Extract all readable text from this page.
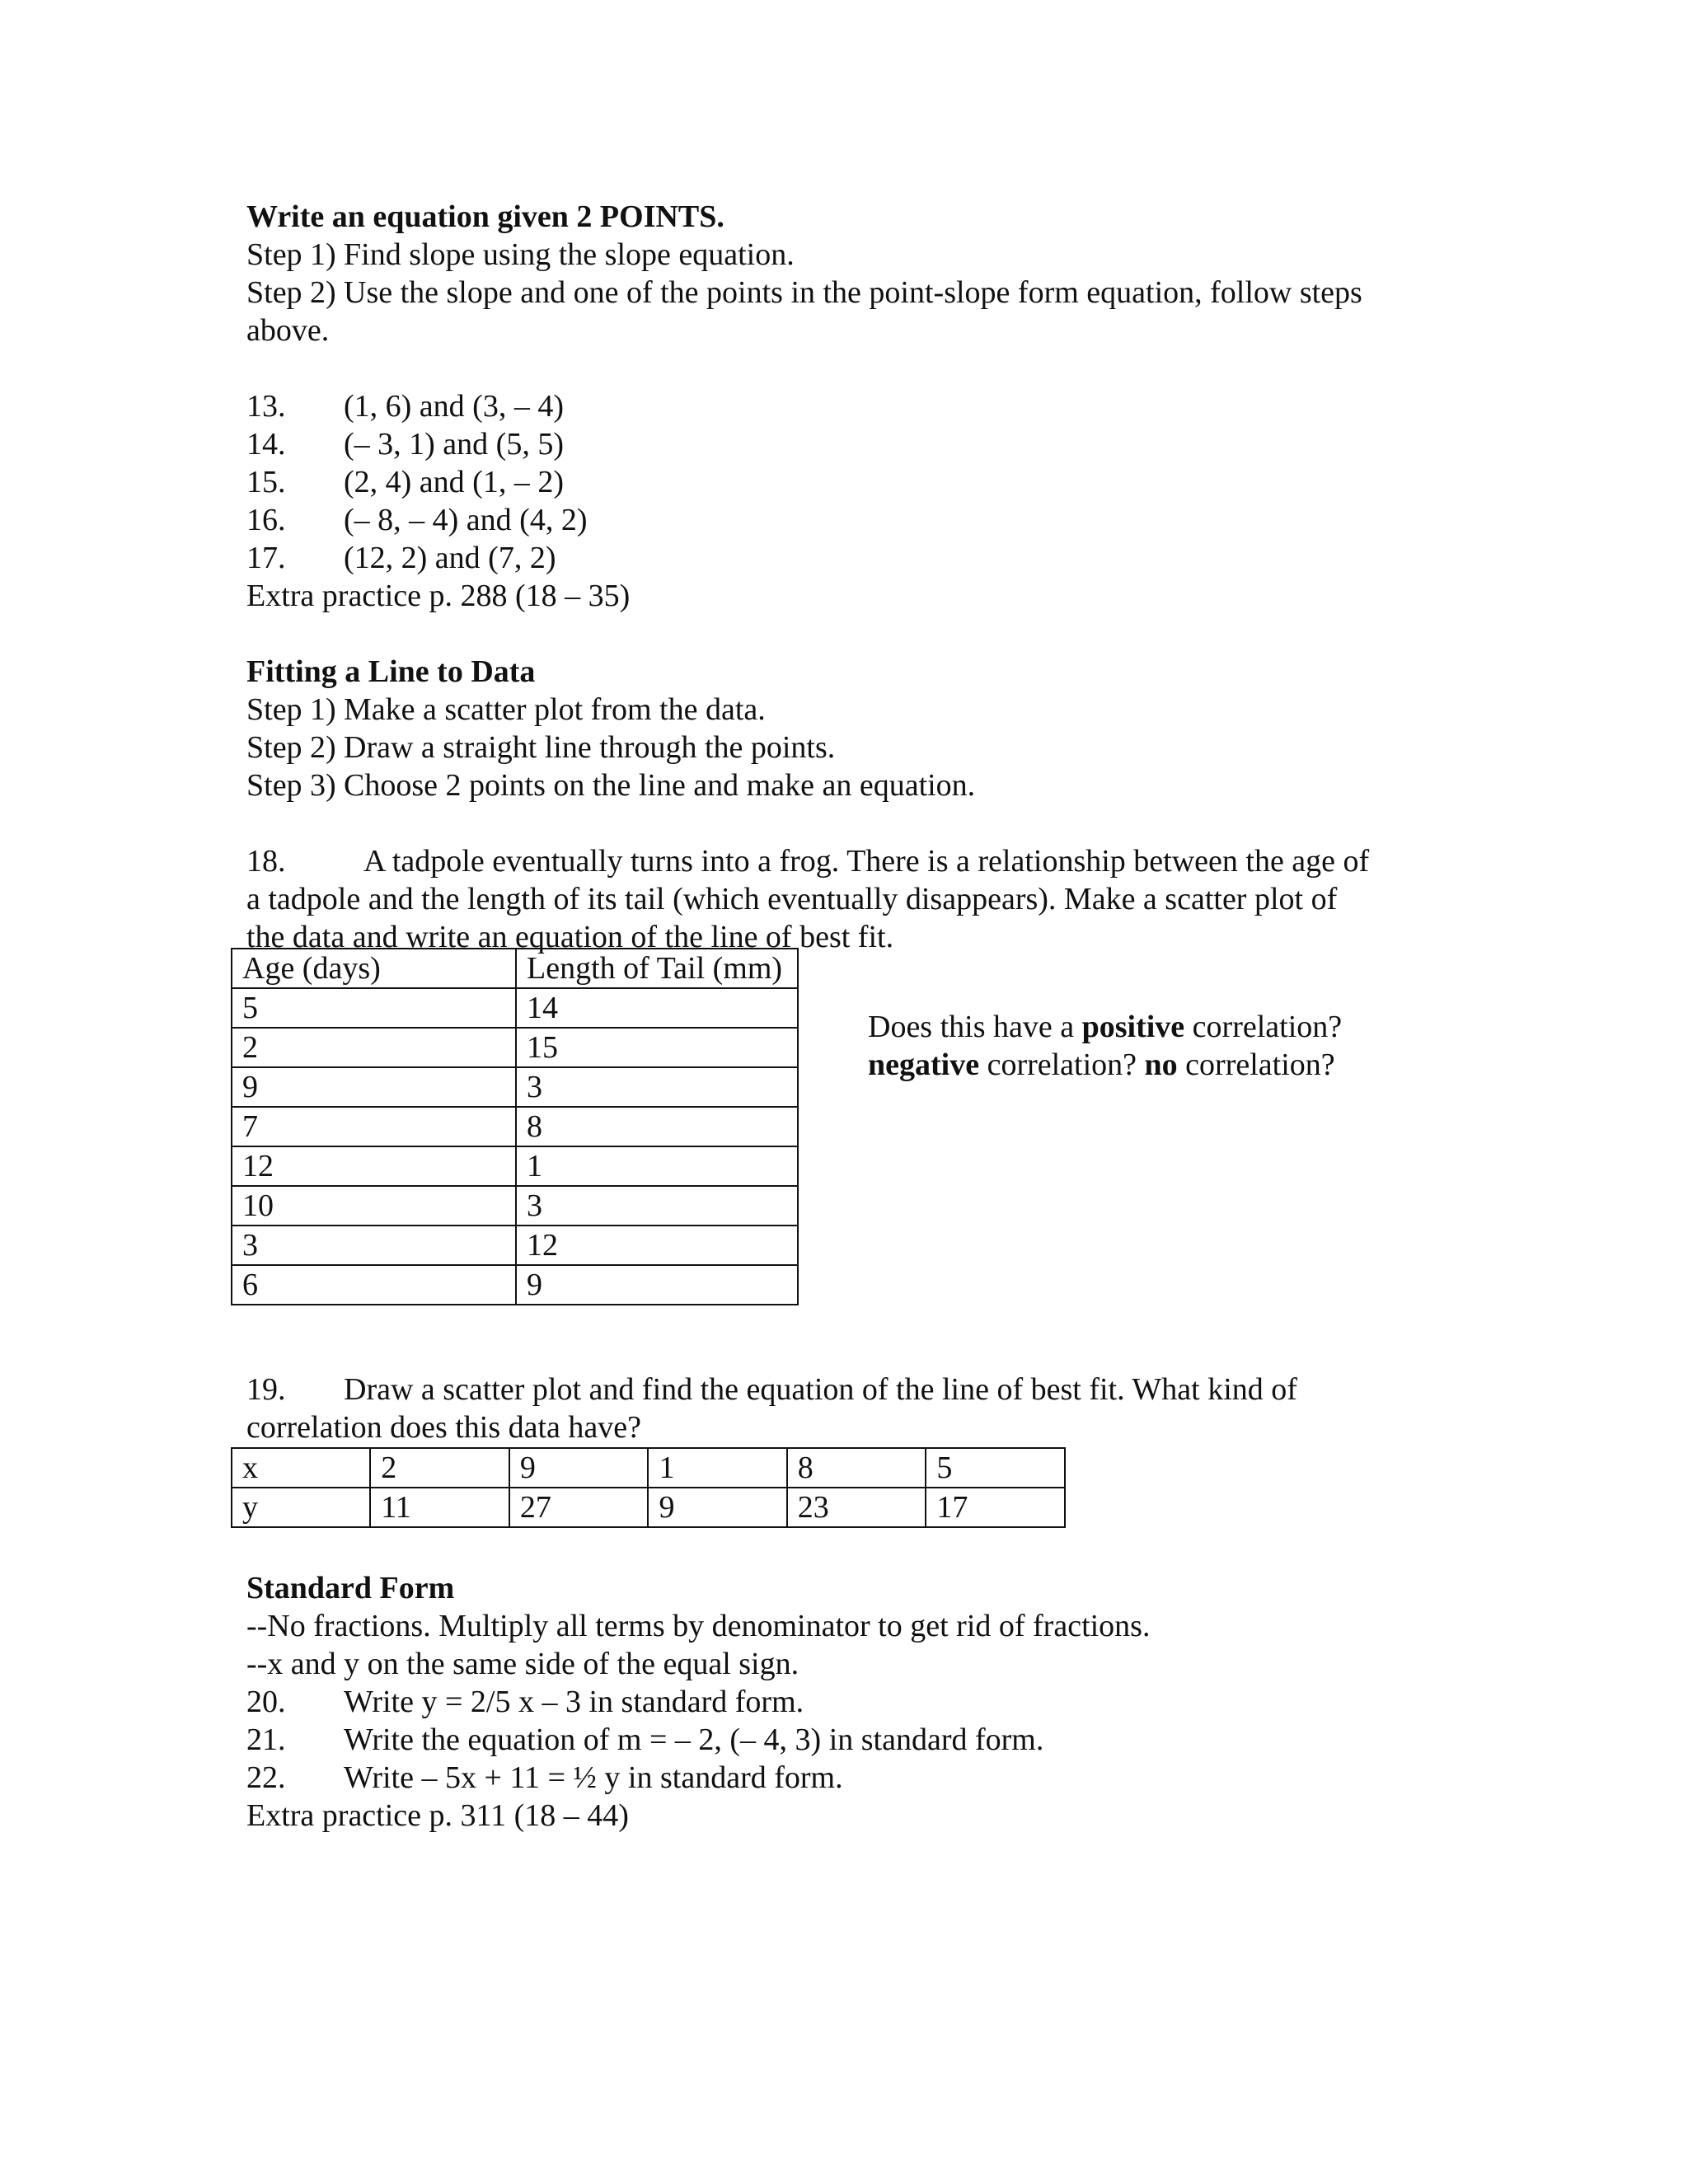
Write an equation given 2 POINTS.

Step 1) Find slope using the slope equation.
Step 2) Use the slope and one of the points in the point-slope form equation, follow steps

above.

13.	(1, 6) and (3, – 4)
14.	(– 3, 1) and (5, 5)
15.	(2, 4) and (1, – 2)
16.	(– 8, – 4) and (4, 2)
17.	(12, 2) and (7, 2)

Extra practice p. 288 (18 – 35)

Fitting a Line to Data

Step 1) Make a scatter plot from the data.
Step 2) Draw a straight line through the points.
Step 3) Choose 2 points on the line and make an equation.
18. A tadpole eventually turns into a frog. There is a relationship between the age of

a tadpole and the length of its tail (which eventually disappears). Make a scatter plot of

the data and write an equation of the line of best fit.

Age (days)	Length of Tail (mm)
5	14
2	15
9	3
7	8
12	1
10	3
3	12
6	9
Does this have a positive correlation?
negative correlation? no correlation?
19. Draw a scatter plot and find the equation of the line of best fit. What kind of

correlation does this data have?

x	2	9	1	8	5
y	11	27	9	23	17

Standard Form

--No fractions. Multiply all terms by denominator to get rid of fractions.

--x and y on the same side of the equal sign.

20.	Write y = 2/5 x – 3 in standard form.
21.	Write the equation of m = – 2, (– 4, 3) in standard form.
22.	Write – 5x + 11 = ½ y in standard form.

Extra practice p. 311 (18 – 44)
